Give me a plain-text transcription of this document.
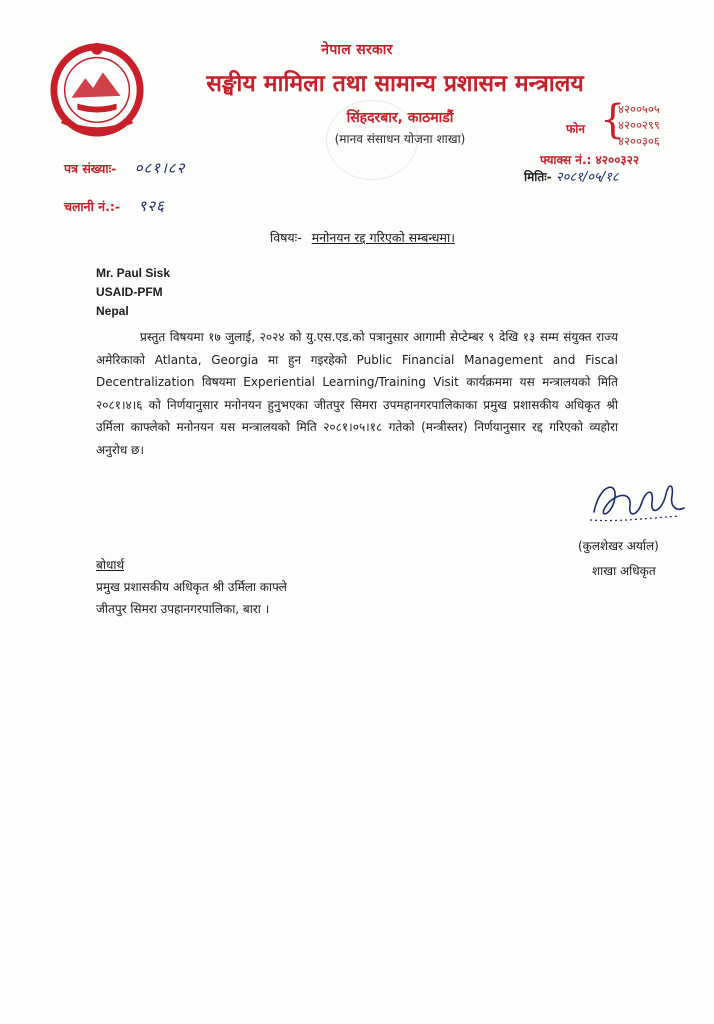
नेपाल सरकार
सङ्घीय मामिला तथा सामान्य प्रशासन मन्त्रालय
सिंहदरबार, काठमाडौं
(मानव संसाधन योजना शाखा)
फोन {
४२००५०५
४२००२९९
४२००३०६
फ्याक्स नं.: ४२००३२२
मितिः- २०८१/०५/१८
पत्र संख्याः- ०८१।८२
चलानी नं.:- ९२६
विषयः- मनोनयन रद्द गरिएको सम्बन्धमा।
Mr. Paul Sisk
USAID-PFM
Nepal
प्रस्तुत विषयमा १७ जुलाई, २०२४ को यु.एस.एड.को पत्रानुसार आगामी सेप्टेम्बर ९ देखि १३ सम्म संयुक्त राज्य अमेरिकाको Atlanta, Georgia मा हुन गइरहेको Public Financial Management and Fiscal Decentralization विषयमा Experiential Learning/Training Visit कार्यक्रममा यस मन्त्रालयको मिति २०८१।४।६ को निर्णयानुसार मनोनयन हुनुभएका जीतपुर सिमरा उपमहानगरपालिकाका प्रमुख प्रशासकीय अधिकृत श्री उर्मिला काफ्लेको मनोनयन यस मन्त्रालयको मिति २०८१।०५।१८ गतेको (मन्त्रीस्तर) निर्णयानुसार रद्द गरिएको व्यहोरा अनुरोध छ।
(कुलशेखर अर्याल)
शाखा अधिकृत
बोधार्थ
प्रमुख प्रशासकीय अधिकृत श्री उर्मिला काफ्ले
जीतपुर सिमरा उपहानगरपालिका, बारा ।
